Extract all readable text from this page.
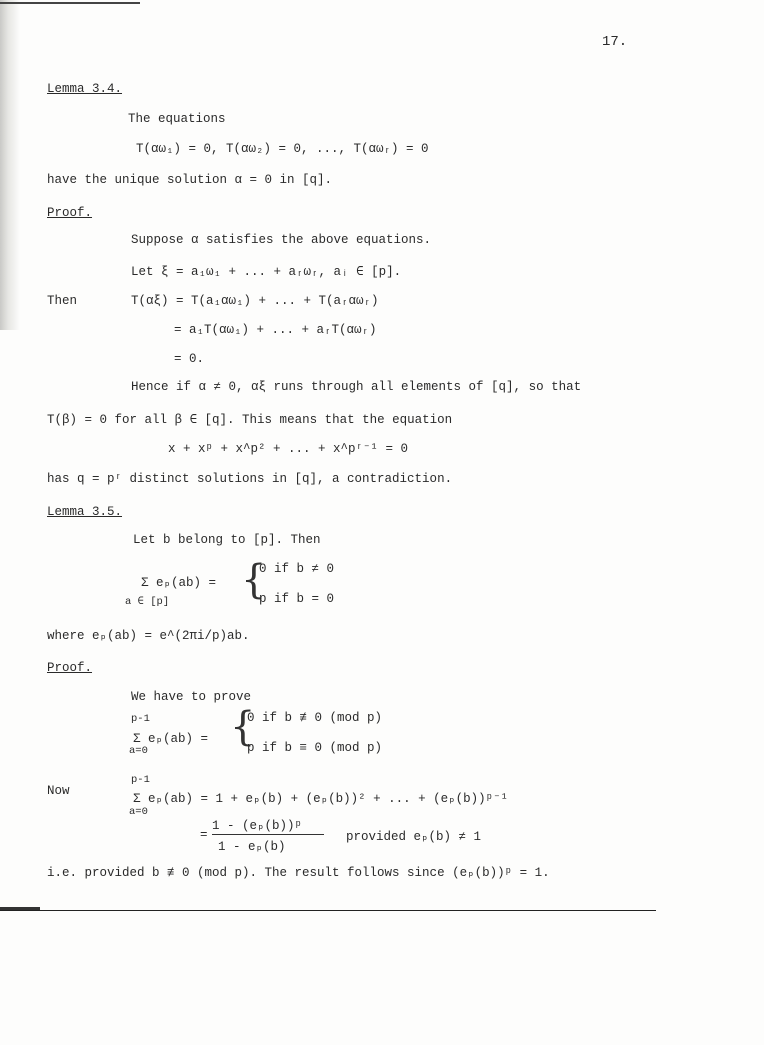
17.
Lemma 3.4.
The equations
T(αω₁) = 0, T(αω₂) = 0, ..., T(αωᵣ) = 0
have the unique solution α = 0 in [q].
Proof.
Suppose α satisfies the above equations.
Let ξ = a₁ω₁ + ... + aᵣωᵣ, aᵢ ∈ [p].
Then	T(αξ) = T(a₁αω₁) + ... + T(aᵣαωᵣ)
= a₁T(αω₁) + ... + aᵣT(αωᵣ)
= 0.
Hence if α ≠ 0, αξ runs through all elements of [q], so that
T(β) = 0 for all β ∈ [q]. This means that the equation
x + xᵖ + x^p² + ... + x^pʳ⁻¹ = 0
has q = pʳ distinct solutions in [q], a contradiction.
Lemma 3.5.
Let b belong to [p]. Then
Σ eₚ(ab) =
a ∈ [p] {
0 if b ≠ 0
p if b = 0
where eₚ(ab) = e^(2πi/p)ab.
Proof.
We have to prove
p-1
Σ eₚ(ab) =
a=0
{
0 if b ≢ 0 (mod p)
p if b ≡ 0 (mod p)
Now
p-1
Σ eₚ(ab) = 1 + eₚ(b) + (eₚ(b))² + ... + (eₚ(b))ᵖ⁻¹
a=0
1 - (eₚ(b))ᵖ
1 - eₚ(b)
=	provided eₚ(b) ≠ 1
i.e. provided b ≢ 0 (mod p). The result follows since (eₚ(b))ᵖ = 1.
